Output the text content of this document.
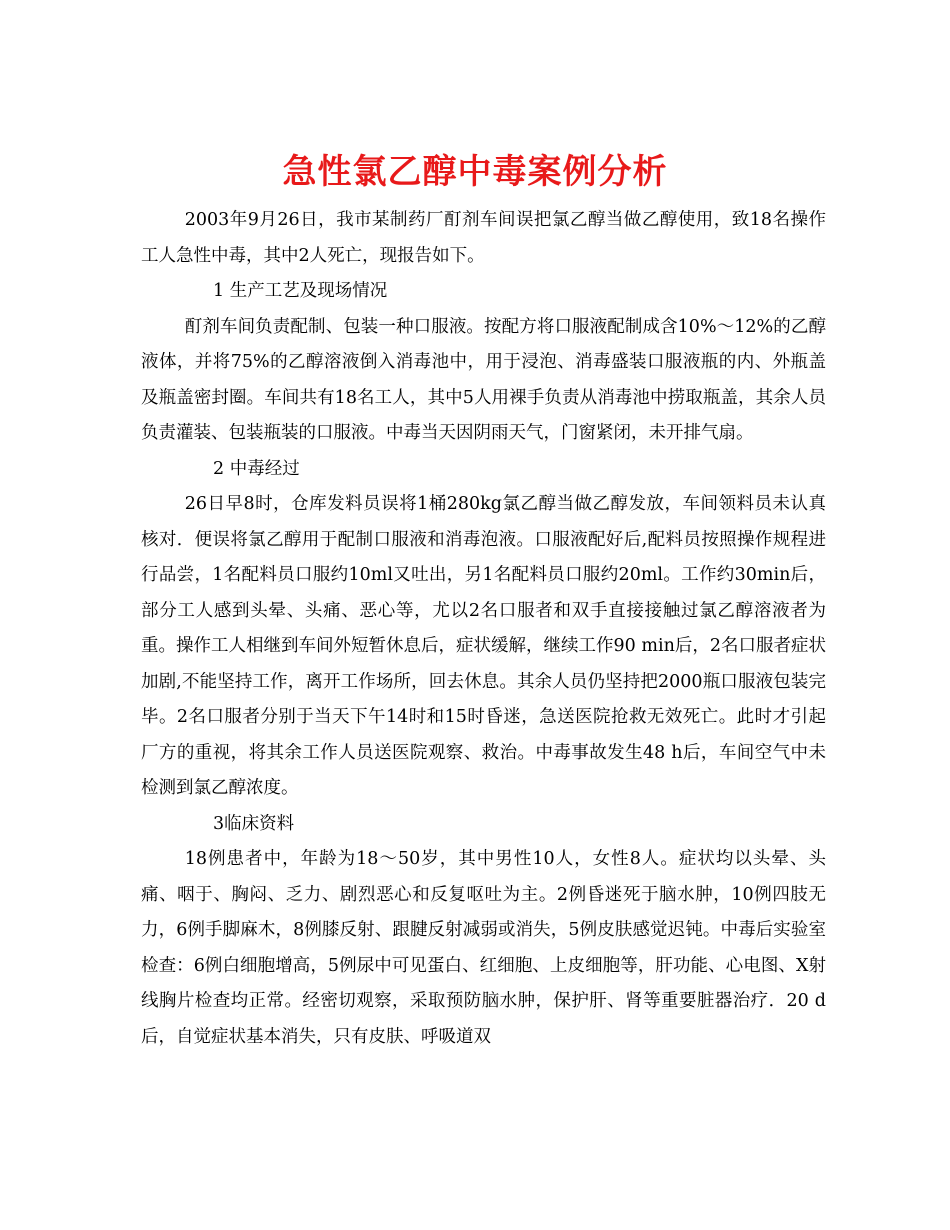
急性氯乙醇中毒案例分析

2003年9月26日，我市某制药厂酊剂车间误把氯乙醇当做乙醇使用，致18名操作工人急性中毒，其中2人死亡，现报告如下。

1 生产工艺及现场情况

酊剂车间负责配制、包装一种口服液。按配方将口服液配制成含10%～12%的乙醇液体，并将75%的乙醇溶液倒入消毒池中，用于浸泡、消毒盛装口服液瓶的内、外瓶盖及瓶盖密封圈。车间共有18名工人，其中5人用裸手负责从消毒池中捞取瓶盖，其余人员负责灌装、包装瓶装的口服液。中毒当天因阴雨天气，门窗紧闭，未开排气扇。

2 中毒经过

26日早8时，仓库发料员误将1桶280kg氯乙醇当做乙醇发放，车间领料员未认真核对．便误将氯乙醇用于配制口服液和消毒泡液。口服液配好后,配料员按照操作规程进行品尝，1名配料员口服约10ml又吐出，另1名配料员口服约20ml。工作约30min后，部分工人感到头晕、头痛、恶心等，尤以2名口服者和双手直接接触过氯乙醇溶液者为重。操作工人相继到车间外短暂休息后，症状缓解，继续工作90 min后，2名口服者症状加剧,不能坚持工作，离开工作场所，回去休息。其余人员仍坚持把2000瓶口服液包装完毕。2名口服者分别于当天下午14时和15时昏迷，急送医院抢救无效死亡。此时才引起厂方的重视，将其余工作人员送医院观察、救治。中毒事故发生48 h后，车间空气中未检测到氯乙醇浓度。

3临床资料

18例患者中，年龄为18～50岁，其中男性10人，女性8人。症状均以头晕、头痛、咽于、胸闷、乏力、剧烈恶心和反复呕吐为主。2例昏迷死于脑水肿，10例四肢无力，6例手脚麻木，8例膝反射、跟腱反射减弱或消失，5例皮肤感觉迟钝。中毒后实验室检查：6例白细胞增高，5例尿中可见蛋白、红细胞、上皮细胞等，肝功能、心电图、X射线胸片检查均正常。经密切观察，采取预防脑水肿，保护肝、肾等重要脏器治疗．20 d后，自觉症状基本消失，只有皮肤、呼吸道双
